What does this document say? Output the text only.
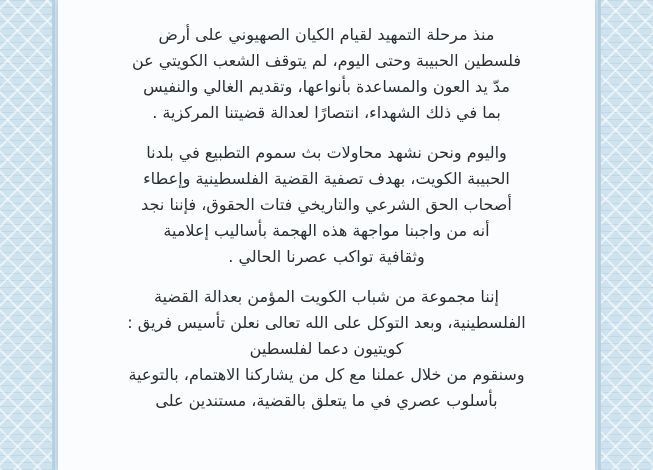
منذ مرحلة التمهيد لقيام الكيان الصهيوني على أرض
فلسطين الحبيبة وحتى اليوم، لم يتوقف الشعب الكويتي عن
مدّ يد العون والمساعدة بأنواعها، وتقديم الغالي والنفيس
بما في ذلك الشهداء، انتصارًا لعدالة قضيتنا المركزية .

واليوم ونحن نشهد محاولات بث سموم التطبيع في بلدنا
الحبيبة الكويت، بهدف تصفية القضية الفلسطينية وإعطاء
أصحاب الحق الشرعي والتاريخي فتات الحقوق، فإننا نجد
أنه من واجبنا مواجهة هذه الهجمة بأساليب إعلامية
وثقافية تواكب عصرنا الحالي .

إننا مجموعة من شباب الكويت المؤمن بعدالة القضية
الفلسطينية، وبعد التوكل على الله تعالى نعلن تأسيس فريق :
كويتيون دعما لفلسطين
وسنقوم من خلال عملنا مع كل من يشاركنا الاهتمام، بالتوعية
بأسلوب عصري في ما يتعلق بالقضية، مستندين على
